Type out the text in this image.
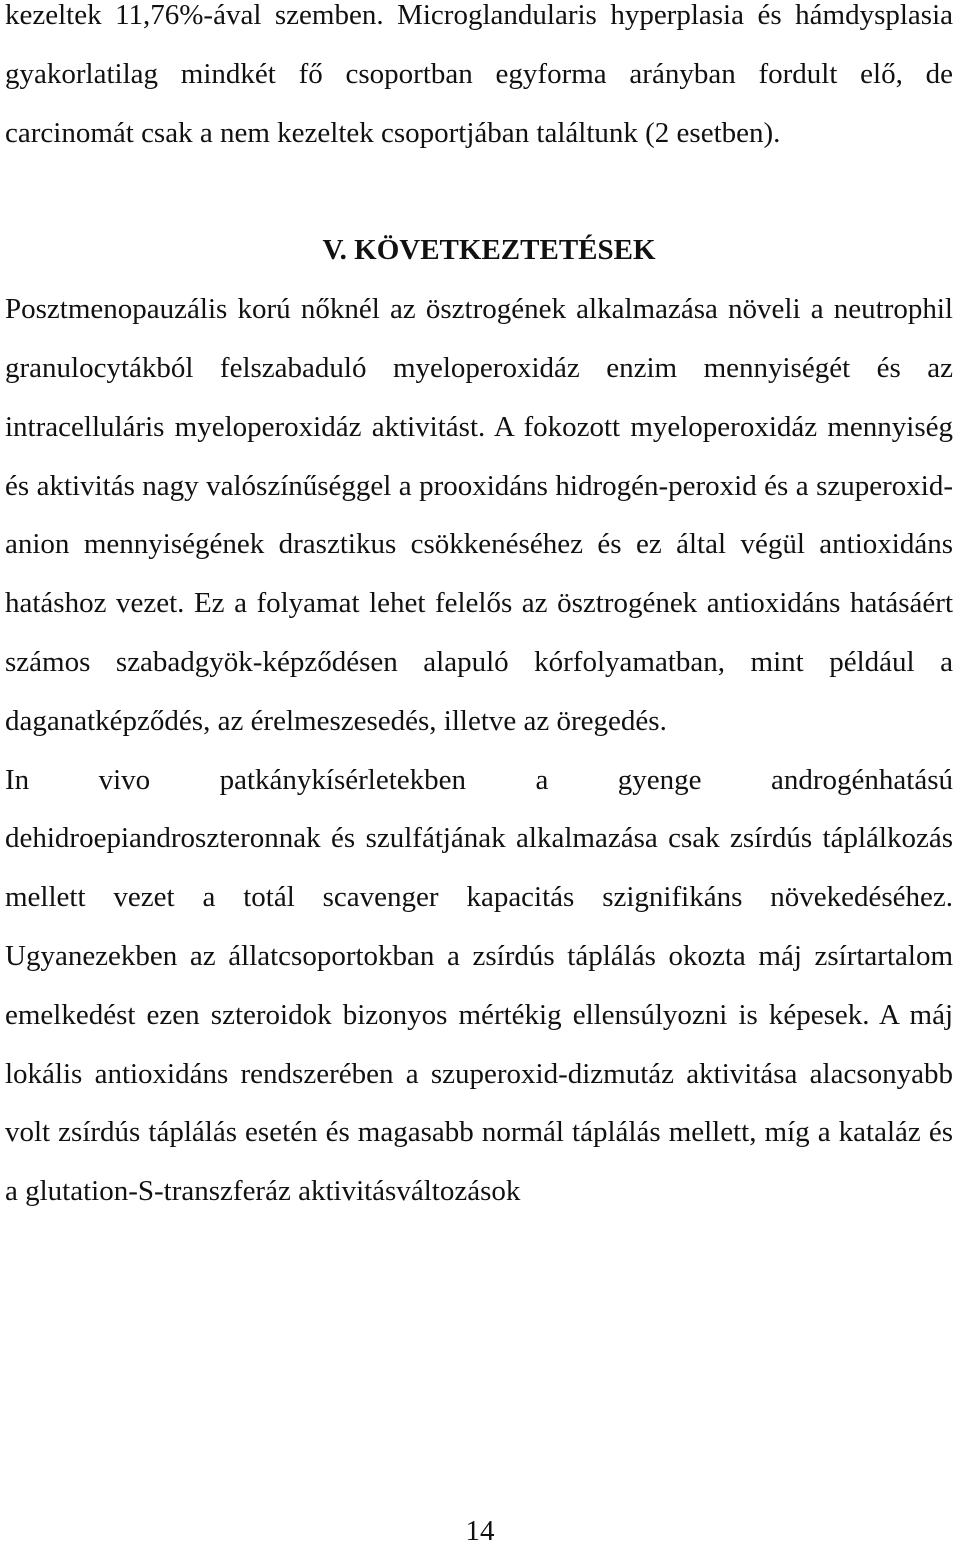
kezeltek 11,76%-ával szemben. Microglandularis hyperplasia és hámdysplasia gyakorlatilag mindkét fő csoportban egyforma arányban fordult elő, de carcinomát csak a nem kezeltek csoportjában találtunk (2 esetben).

V. KÖVETKEZTETÉSEK

Posztmenopauzális korú nőknél az ösztrogének alkalmazása növeli a neutrophil granulocytákból felszabaduló myeloperoxidáz enzim mennyiségét és az intracelluláris myeloperoxidáz aktivitást. A fokozott myeloperoxidáz mennyiség és aktivitás nagy valószínűséggel a prooxidáns hidrogén-peroxid és a szuperoxid-anion mennyiségének drasztikus csökkenéséhez és ez által végül antioxidáns hatáshoz vezet. Ez a folyamat lehet felelős az ösztrogének antioxidáns hatásáért számos szabadgyök-képződésen alapuló kórfolyamatban, mint például a daganatképződés, az érelmeszesedés, illetve az öregedés.

In vivo patkánykísérletekben a gyenge androgénhatású dehidroepiandroszteronnak és szulfátjának alkalmazása csak zsírdús táplálkozás mellett vezet a totál scavenger kapacitás szignifikáns növekedéséhez. Ugyanezekben az állatcsoportokban a zsírdús táplálás okozta máj zsírtartalom emelkedést ezen szteroidok bizonyos mértékig ellensúlyozni is képesek. A máj lokális antioxidáns rendszerében a szuperoxid-dizmutáz aktivitása alacsonyabb volt zsírdús táplálás esetén és magasabb normál táplálás mellett, míg a kataláz és a glutation-S-transzferáz aktivitásváltozások

14
